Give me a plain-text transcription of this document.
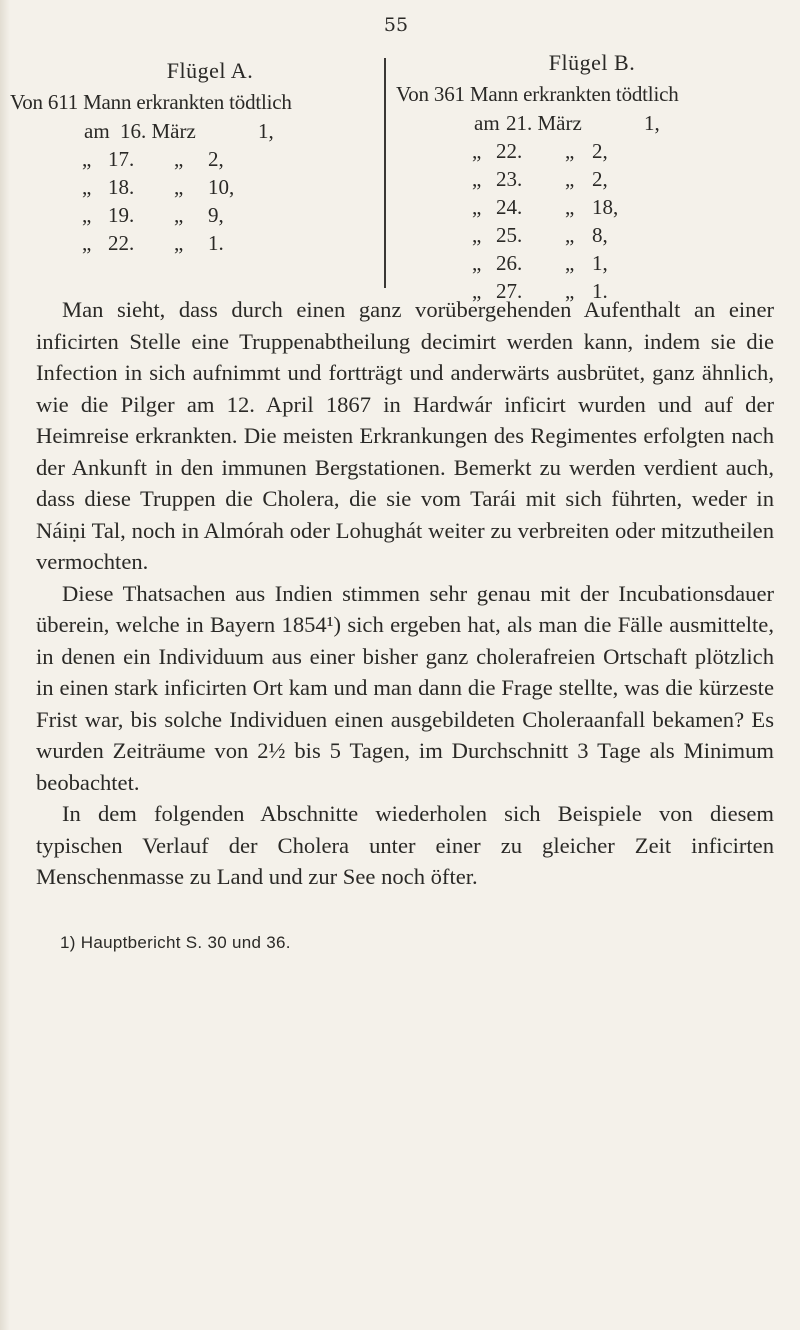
55
Flügel A.
Von 611 Mann erkrankten tödtlich
am 16. März	1,
„ 17. „ 2,
„ 18. „ 10,
„ 19. „ 9,
„ 22. „ 1.
Flügel B.
Von 361 Mann erkrankten tödtlich
am 21. März	1,
„ 22. „ 2,
„ 23. „ 2,
„ 24. „ 18,
„ 25. „ 8,
„ 26. „ 1,
„ 27. „ 1.

Man sieht, dass durch einen ganz vorübergehenden Aufenthalt an einer inficirten Stelle eine Truppenabtheilung decimirt werden kann, indem sie die Infection in sich aufnimmt und fortträgt und anderwärts ausbrütet, ganz ähnlich, wie die Pilger am 12. April 1867 in Hardwár inficirt wurden und auf der Heimreise erkrankten. Die meisten Erkrankungen des Regimentes erfolgten nach der Ankunft in den immunen Bergstationen. Bemerkt zu werden verdient auch, dass diese Truppen die Cholera, die sie vom Tarái mit sich führten, weder in Náiṇi Tal, noch in Almórah oder Lohughát weiter zu verbreiten oder mitzutheilen vermochten.

Diese Thatsachen aus Indien stimmen sehr genau mit der Incubationsdauer überein, welche in Bayern 1854¹) sich ergeben hat, als man die Fälle ausmittelte, in denen ein Individuum aus einer bisher ganz cholerafreien Ortschaft plötzlich in einen stark inficirten Ort kam und man dann die Frage stellte, was die kürzeste Frist war, bis solche Individuen einen ausgebildeten Choleraanfall bekamen? Es wurden Zeiträume von 2½ bis 5 Tagen, im Durchschnitt 3 Tage als Minimum beobachtet.

In dem folgenden Abschnitte wiederholen sich Beispiele von diesem typischen Verlauf der Cholera unter einer zu gleicher Zeit inficirten Menschenmasse zu Land und zur See noch öfter.

1) Hauptbericht S. 30 und 36.
